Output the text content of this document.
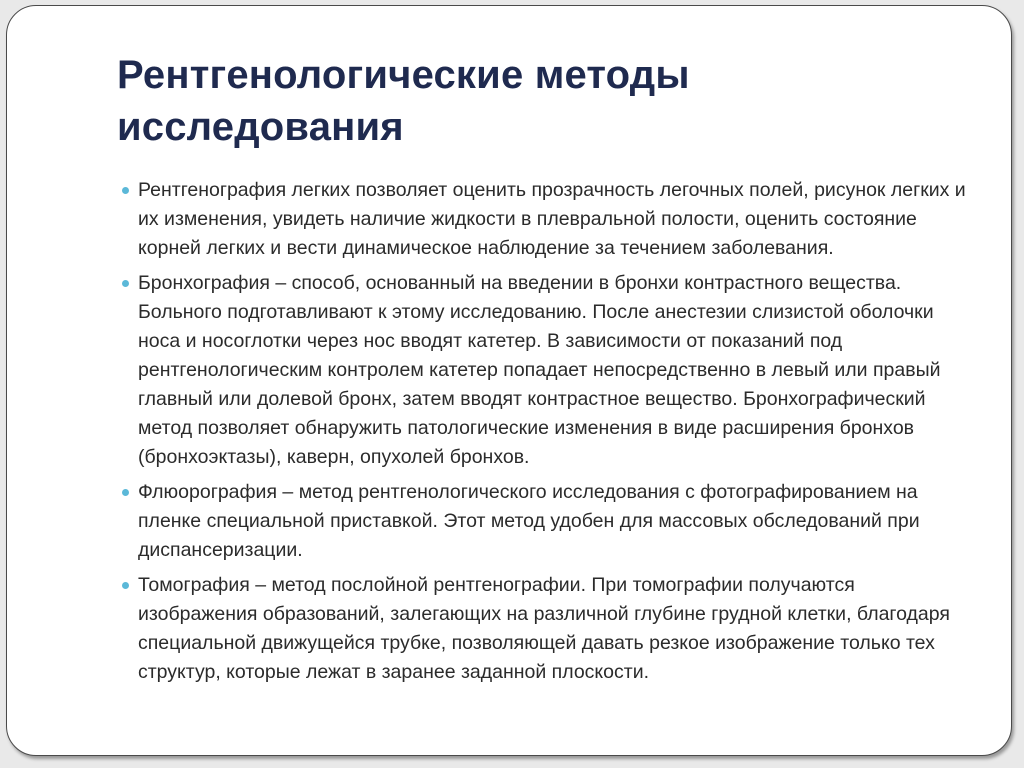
Рентгенологические методы исследования
Рентгенография легких позволяет оценить прозрачность легочных полей, рисунок легких и их изменения, увидеть наличие жидкости в плевральной полости, оценить состояние корней легких и вести динамическое наблюдение за течением заболевания.
Бронхография – способ, основанный на введении в бронхи контрастного вещества. Больного подготавливают к этому исследованию. После анестезии слизистой оболочки носа и носоглотки через нос вводят катетер. В зависимости от показаний под рентгенологическим контролем катетер попадает непосредственно в левый или правый главный или долевой бронх, затем вводят контрастное вещество. Бронхографический метод позволяет обнаружить патологические изменения в виде расширения бронхов (бронхоэктазы), каверн, опухолей бронхов.
Флюорография – метод рентгенологического исследования с фотографированием на пленке специальной приставкой. Этот метод удобен для массовых обследований при диспансеризации.
Томография – метод послойной рентгенографии. При томографии получаются изображения образований, залегающих на различной глубине грудной клетки, благодаря специальной движущейся трубке, позволяющей давать резкое изображение только тех структур, которые лежат в заранее заданной плоскости.
